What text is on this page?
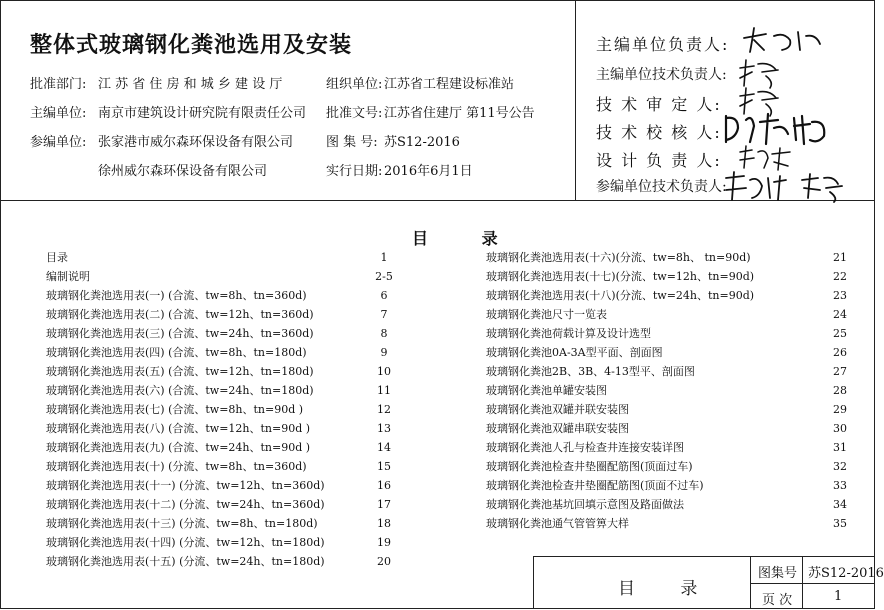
整体式玻璃钢化粪池选用及安装
批准部门: 江 苏 省 住 房 和 城 乡 建 设 厅	组织单位: 江苏省工程建设标准站
主编单位: 南京市建筑设计研究院有限责任公司 批准文号: 江苏省住建厅 第11号公告
参编单位: 张家港市威尔森环保设备有限公司	图 集 号: 苏S12-2016
徐州威尔森环保设备有限公司	实行日期: 2016年6月1日
主编单位负责人:
主编单位技术负责人:
技 术 审 定 人:
技 术 校 核 人:
设 计 负 责 人:
参编单位技术负责人:
目 录
目录	1
编制说明	2-5
玻璃钢化粪池选用表(一) (合流、tw=8h、tn=360d)	6
玻璃钢化粪池选用表(二) (合流、tw=12h、tn=360d)	7
玻璃钢化粪池选用表(三) (合流、tw=24h、tn=360d)	8
玻璃钢化粪池选用表(四) (合流、tw=8h、tn=180d)	9
玻璃钢化粪池选用表(五) (合流、tw=12h、tn=180d)	10
玻璃钢化粪池选用表(六) (合流、tw=24h、tn=180d)	11
玻璃钢化粪池选用表(七) (合流、tw=8h、tn=90d )	12
玻璃钢化粪池选用表(八) (合流、tw=12h、tn=90d )	13
玻璃钢化粪池选用表(九) (合流、tw=24h、tn=90d )	14
玻璃钢化粪池选用表(十) (分流、tw=8h、tn=360d)	15
玻璃钢化粪池选用表(十一) (分流、tw=12h、tn=360d)	16
玻璃钢化粪池选用表(十二) (分流、tw=24h、tn=360d)	17
玻璃钢化粪池选用表(十三) (分流、tw=8h、tn=180d)	18
玻璃钢化粪池选用表(十四) (分流、tw=12h、tn=180d)	19
玻璃钢化粪池选用表(十五) (分流、tw=24h、tn=180d)	20
玻璃钢化粪池选用表(十六)(分流、tw=8h、 tn=90d)	21
玻璃钢化粪池选用表(十七)(分流、tw=12h、tn=90d)	22
玻璃钢化粪池选用表(十八)(分流、tw=24h、tn=90d)	23
玻璃钢化粪池尺寸一览表	24
玻璃钢化粪池荷载计算及设计选型	25
玻璃钢化粪池0A-3A型平面、剖面图	26
玻璃钢化粪池2B、3B、4-13型平、剖面图	27
玻璃钢化粪池单罐安装图	28
玻璃钢化粪池双罐并联安装图	29
玻璃钢化粪池双罐串联安装图	30
玻璃钢化粪池人孔与检查井连接安装详图	31
玻璃钢化粪池检查井垫圈配筋图(顶面过车)	32
玻璃钢化粪池检查井垫圈配筋图(顶面不过车)	33
玻璃钢化粪池基坑回填示意图及路面做法	34
玻璃钢化粪池通气管管箅大样	35
目 录
图集号 苏S12-2016
页 次	1
